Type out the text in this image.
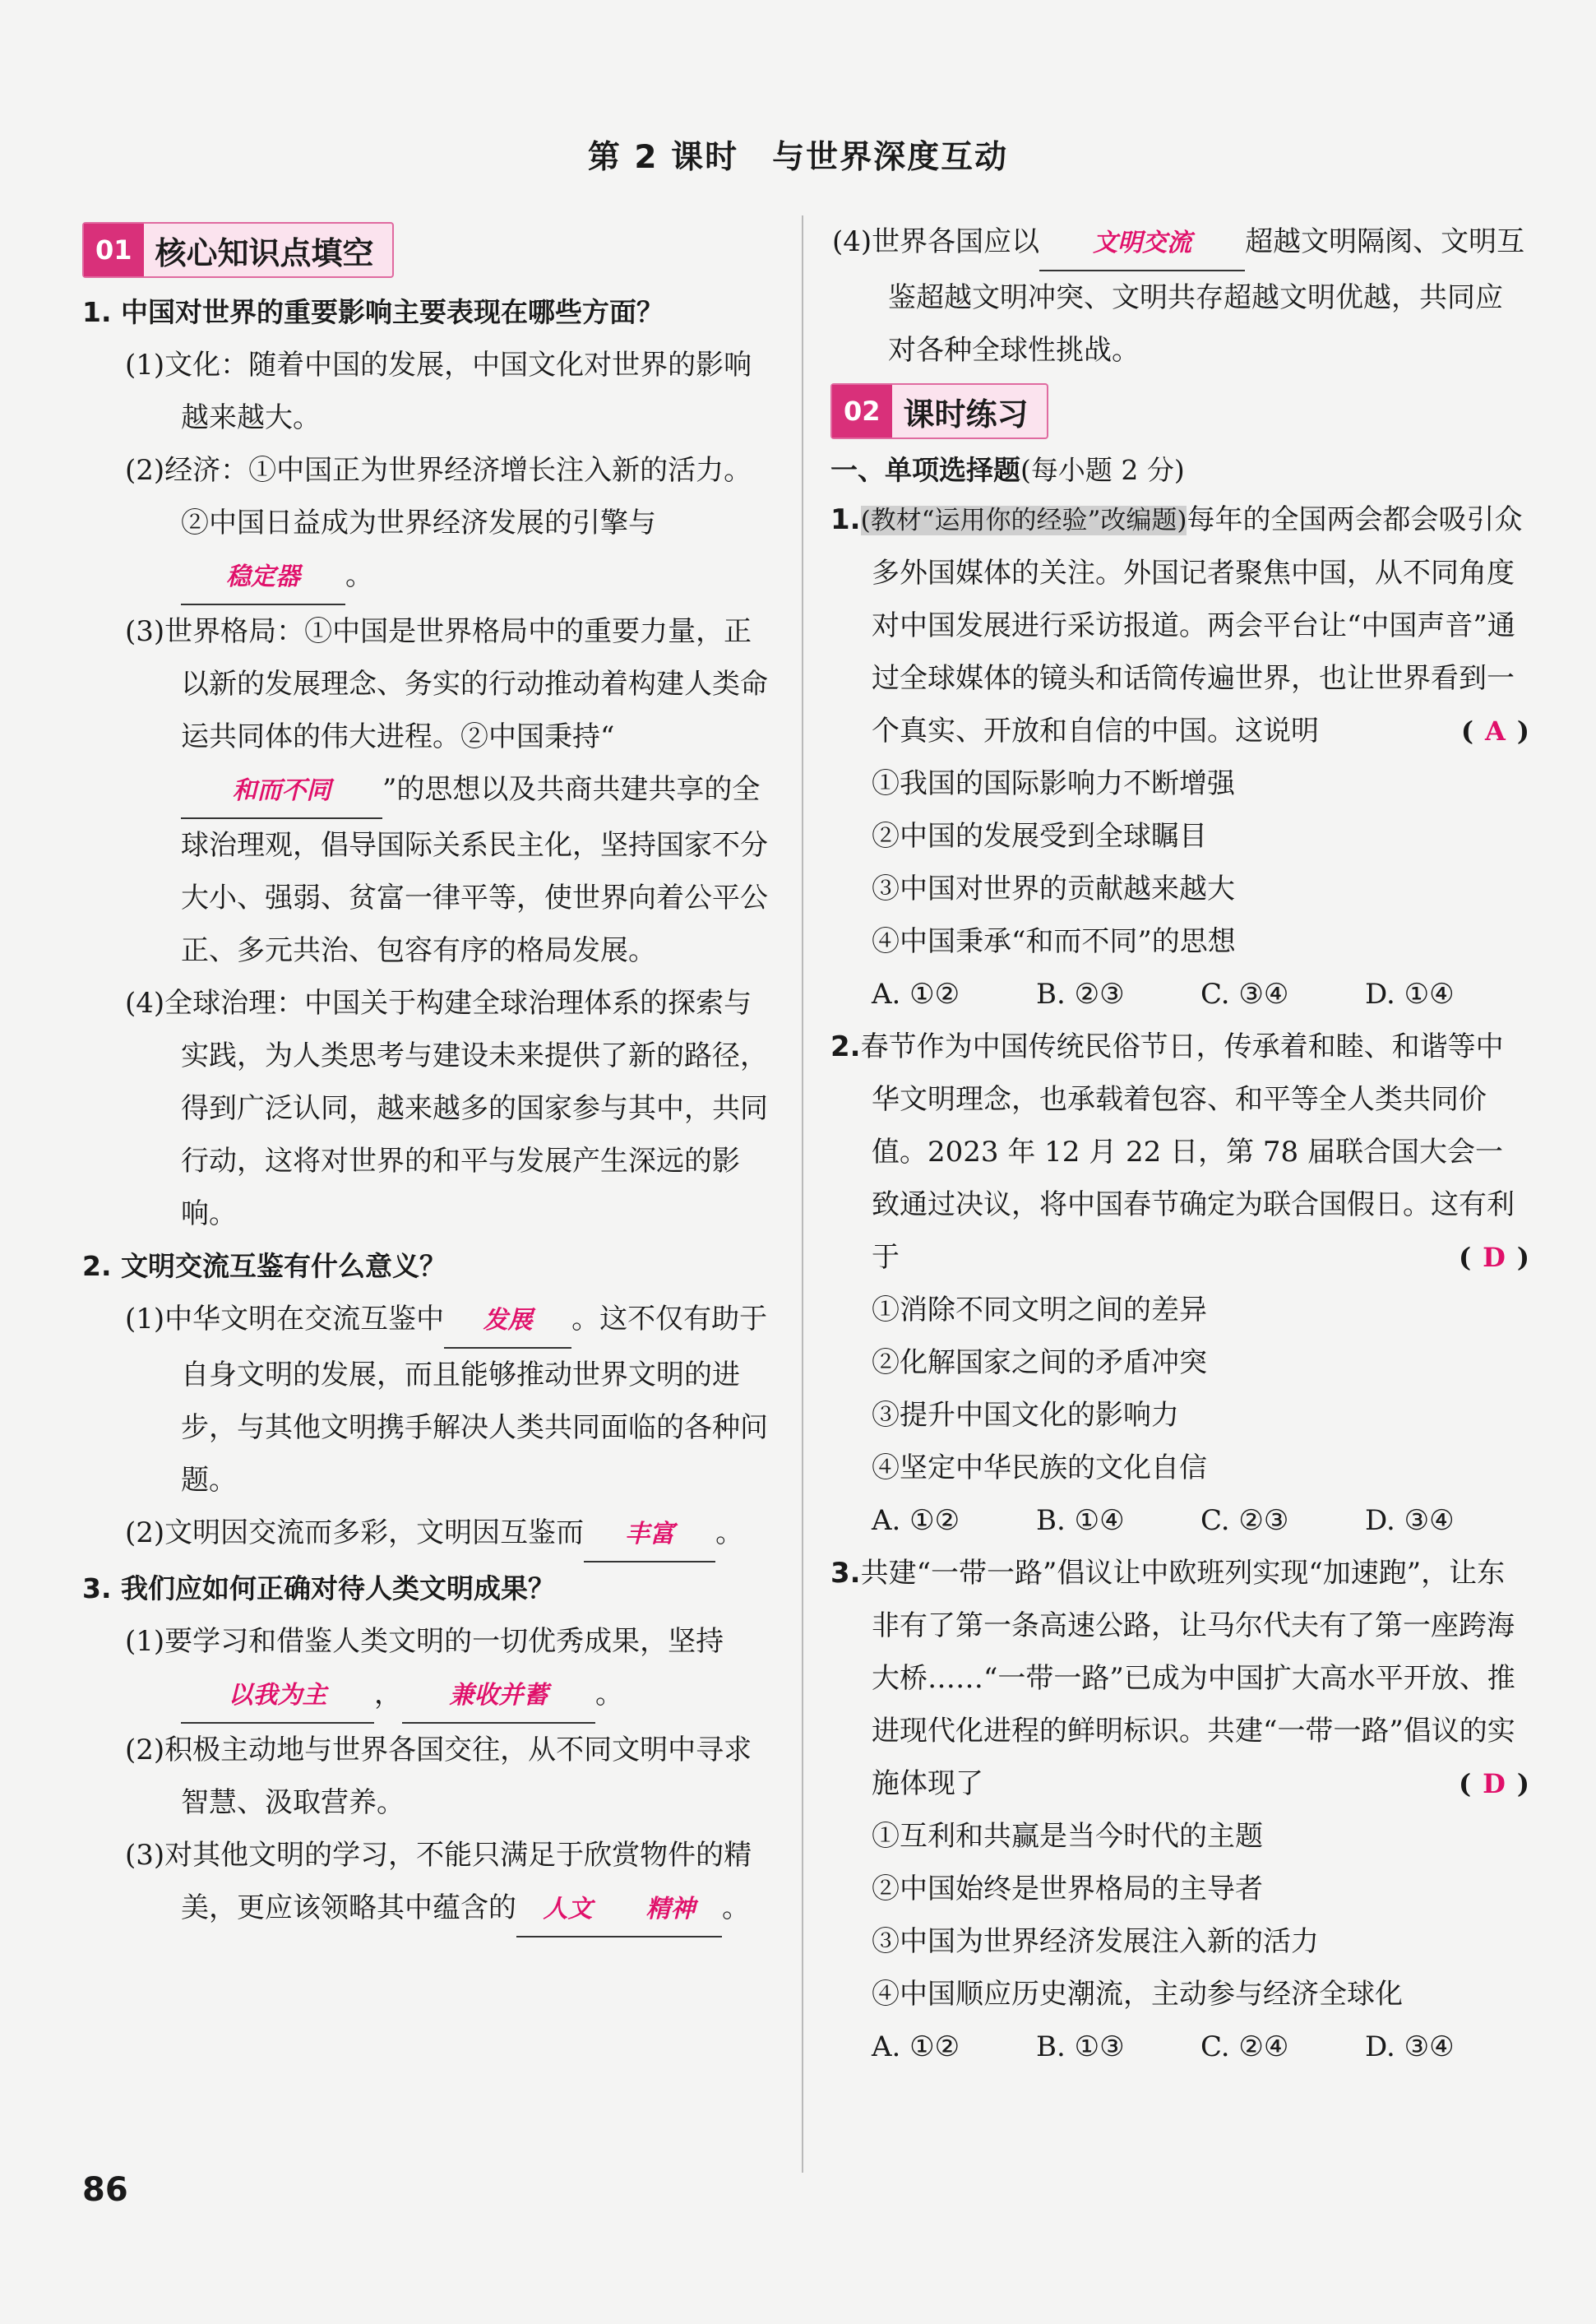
第 2 课时　与世界深度互动
01 核心知识点填空
1. 中国对世界的重要影响主要表现在哪些方面？
(1)文化：随着中国的发展，中国文化对世界的影响越来越大。
(2)经济：①中国正为世界经济增长注入新的活力。②中国日益成为世界经济发展的引擎与稳定器 。
(3)世界格局：①中国是世界格局中的重要力量，正以新的发展理念、务实的行动推动着构建人类命运共同体的伟大进程。②中国秉持“和而不同 ”的思想以及共商共建共享的全球治理观，倡导国际关系民主化，坚持国家不分大小、强弱、贫富一律平等，使世界向着公平公正、多元共治、包容有序的格局发展。
(4)全球治理：中国关于构建全球治理体系的探索与实践，为人类思考与建设未来提供了新的路径，得到广泛认同，越来越多的国家参与其中，共同行动，这将对世界的和平与发展产生深远的影响。
2. 文明交流互鉴有什么意义？
(1)中华文明在交流互鉴中 发展 。这不仅有助于自身文明的发展，而且能够推动世界文明的进步，与其他文明携手解决人类共同面临的各种问题。
(2)文明因交流而多彩，文明因互鉴而 丰富 。
3. 我们应如何正确对待人类文明成果？
(1)要学习和借鉴人类文明的一切优秀成果，坚持以我为主 ， 兼收并蓄 。
(2)积极主动地与世界各国交往，从不同文明中寻求智慧、汲取营养。
(3)对其他文明的学习，不能只满足于欣赏物件的精美，更应该领略其中蕴含的 人文 精神 。
(4)世界各国应以 文明交流 超越文明隔阂、文明互鉴超越文明冲突、文明共存超越文明优越，共同应对各种全球性挑战。
02 课时练习
一、单项选择题(每小题 2 分)
1.(教材“运用你的经验”改编题)每年的全国两会都会吸引众多外国媒体的关注。外国记者聚焦中国，从不同角度对中国发展进行采访报道。两会平台让“中国声音”通过全球媒体的镜头和话筒传遍世界，也让世界看到一个真实、开放和自信的中国。这说明	( A )
①我国的国际影响力不断增强
②中国的发展受到全球瞩目
③中国对世界的贡献越来越大
④中国秉承“和而不同”的思想
A. ①②	B. ②③	C. ③④	D. ①④
2.春节作为中国传统民俗节日，传承着和睦、和谐等中华文明理念，也承载着包容、和平等全人类共同价值。2023 年 12 月 22 日，第 78 届联合国大会一致通过决议，将中国春节确定为联合国假日。这有利于	( D )
①消除不同文明之间的差异
②化解国家之间的矛盾冲突
③提升中国文化的影响力
④坚定中华民族的文化自信
A. ①②	B. ①④	C. ②③	D. ③④
3.共建“一带一路”倡议让中欧班列实现“加速跑”，让东非有了第一条高速公路，让马尔代夫有了第一座跨海大桥……“一带一路”已成为中国扩大高水平开放、推进现代化进程的鲜明标识。共建“一带一路”倡议的实施体现了	( D )
①互利和共赢是当今时代的主题
②中国始终是世界格局的主导者
③中国为世界经济发展注入新的活力
④中国顺应历史潮流，主动参与经济全球化
A. ①②	B. ①③	C. ②④	D. ③④
86
